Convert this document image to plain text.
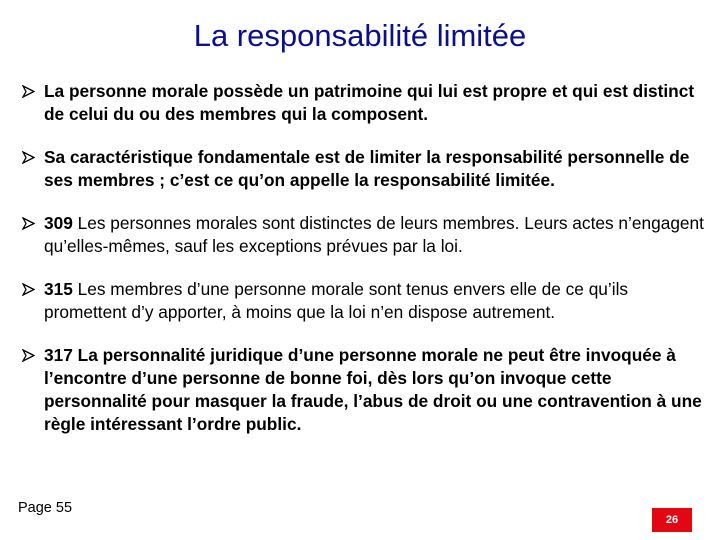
La responsabilité limitée
La personne morale possède un patrimoine qui lui est propre et qui est distinct de celui du ou des membres qui la composent.
Sa caractéristique fondamentale est de limiter la responsabilité personnelle de ses membres ; c’est ce qu’on appelle la responsabilité limitée.
309 Les personnes morales sont distinctes de leurs membres. Leurs actes n’engagent qu’elles-mêmes, sauf les exceptions prévues par la loi.
315 Les membres d’une personne morale sont tenus envers elle de ce qu’ils promettent d’y apporter, à moins que la loi n’en dispose autrement.
317 La personnalité juridique d’une personne morale ne peut être invoquée à l’encontre d’une personne de bonne foi, dès lors qu’on invoque cette personnalité pour masquer la fraude, l’abus de droit ou une contravention à une règle intéressant l’ordre public.
Page 55
26
